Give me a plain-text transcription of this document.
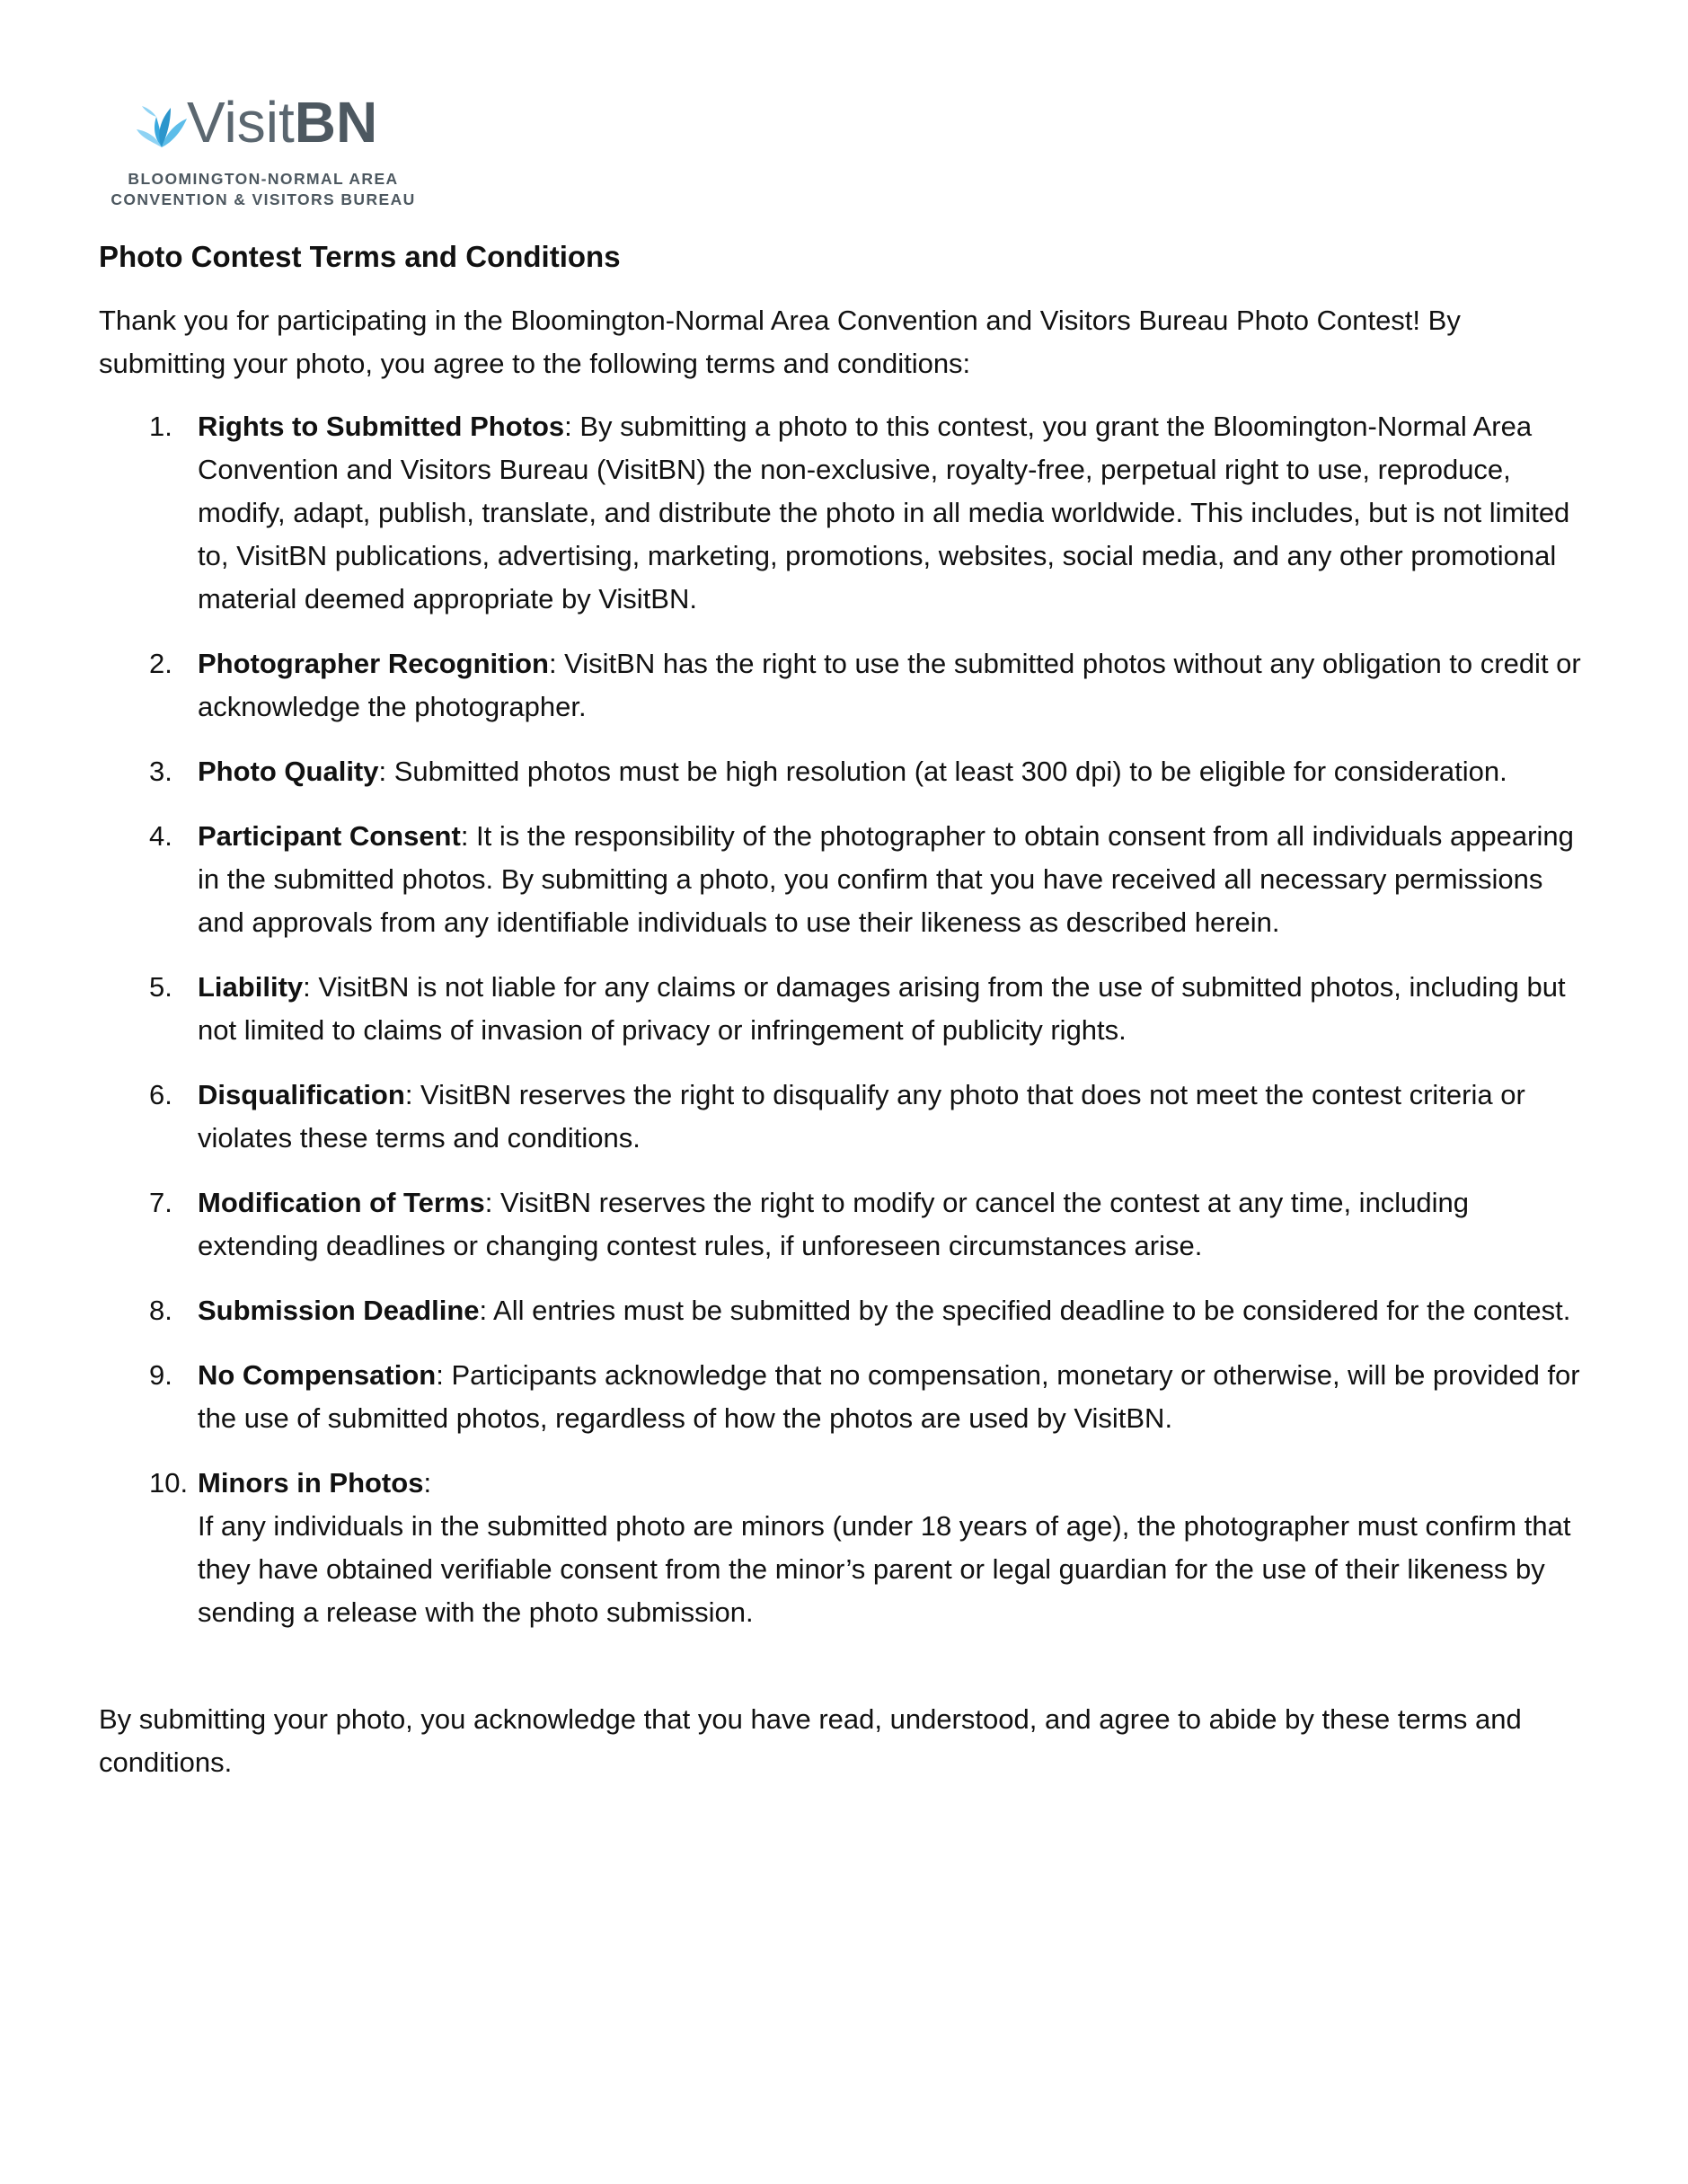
VisitBN
BLOOMINGTON-NORMAL AREA
CONVENTION & VISITORS BUREAU
Photo Contest Terms and Conditions

Thank you for participating in the Bloomington-Normal Area Convention and Visitors Bureau Photo Contest! By submitting your photo, you agree to the following terms and conditions:

1. Rights to Submitted Photos: By submitting a photo to this contest, you grant the Bloomington-Normal Area Convention and Visitors Bureau (VisitBN) the non-exclusive, royalty-free, perpetual right to use, reproduce, modify, adapt, publish, translate, and distribute the photo in all media worldwide. This includes, but is not limited to, VisitBN publications, advertising, marketing, promotions, websites, social media, and any other promotional material deemed appropriate by VisitBN.
2. Photographer Recognition: VisitBN has the right to use the submitted photos without any obligation to credit or acknowledge the photographer.
3. Photo Quality: Submitted photos must be high resolution (at least 300 dpi) to be eligible for consideration.
4. Participant Consent: It is the responsibility of the photographer to obtain consent from all individuals appearing in the submitted photos. By submitting a photo, you confirm that you have received all necessary permissions and approvals from any identifiable individuals to use their likeness as described herein.
5. Liability: VisitBN is not liable for any claims or damages arising from the use of submitted photos, including but not limited to claims of invasion of privacy or infringement of publicity rights.
6. Disqualification: VisitBN reserves the right to disqualify any photo that does not meet the contest criteria or violates these terms and conditions.
7. Modification of Terms: VisitBN reserves the right to modify or cancel the contest at any time, including extending deadlines or changing contest rules, if unforeseen circumstances arise.
8. Submission Deadline: All entries must be submitted by the specified deadline to be considered for the contest.
9. No Compensation: Participants acknowledge that no compensation, monetary or otherwise, will be provided for the use of submitted photos, regardless of how the photos are used by VisitBN.
10. Minors in Photos:
If any individuals in the submitted photo are minors (under 18 years of age), the photographer must confirm that they have obtained verifiable consent from the minor’s parent or legal guardian for the use of their likeness by sending a release with the photo submission.

By submitting your photo, you acknowledge that you have read, understood, and agree to abide by these terms and conditions.
